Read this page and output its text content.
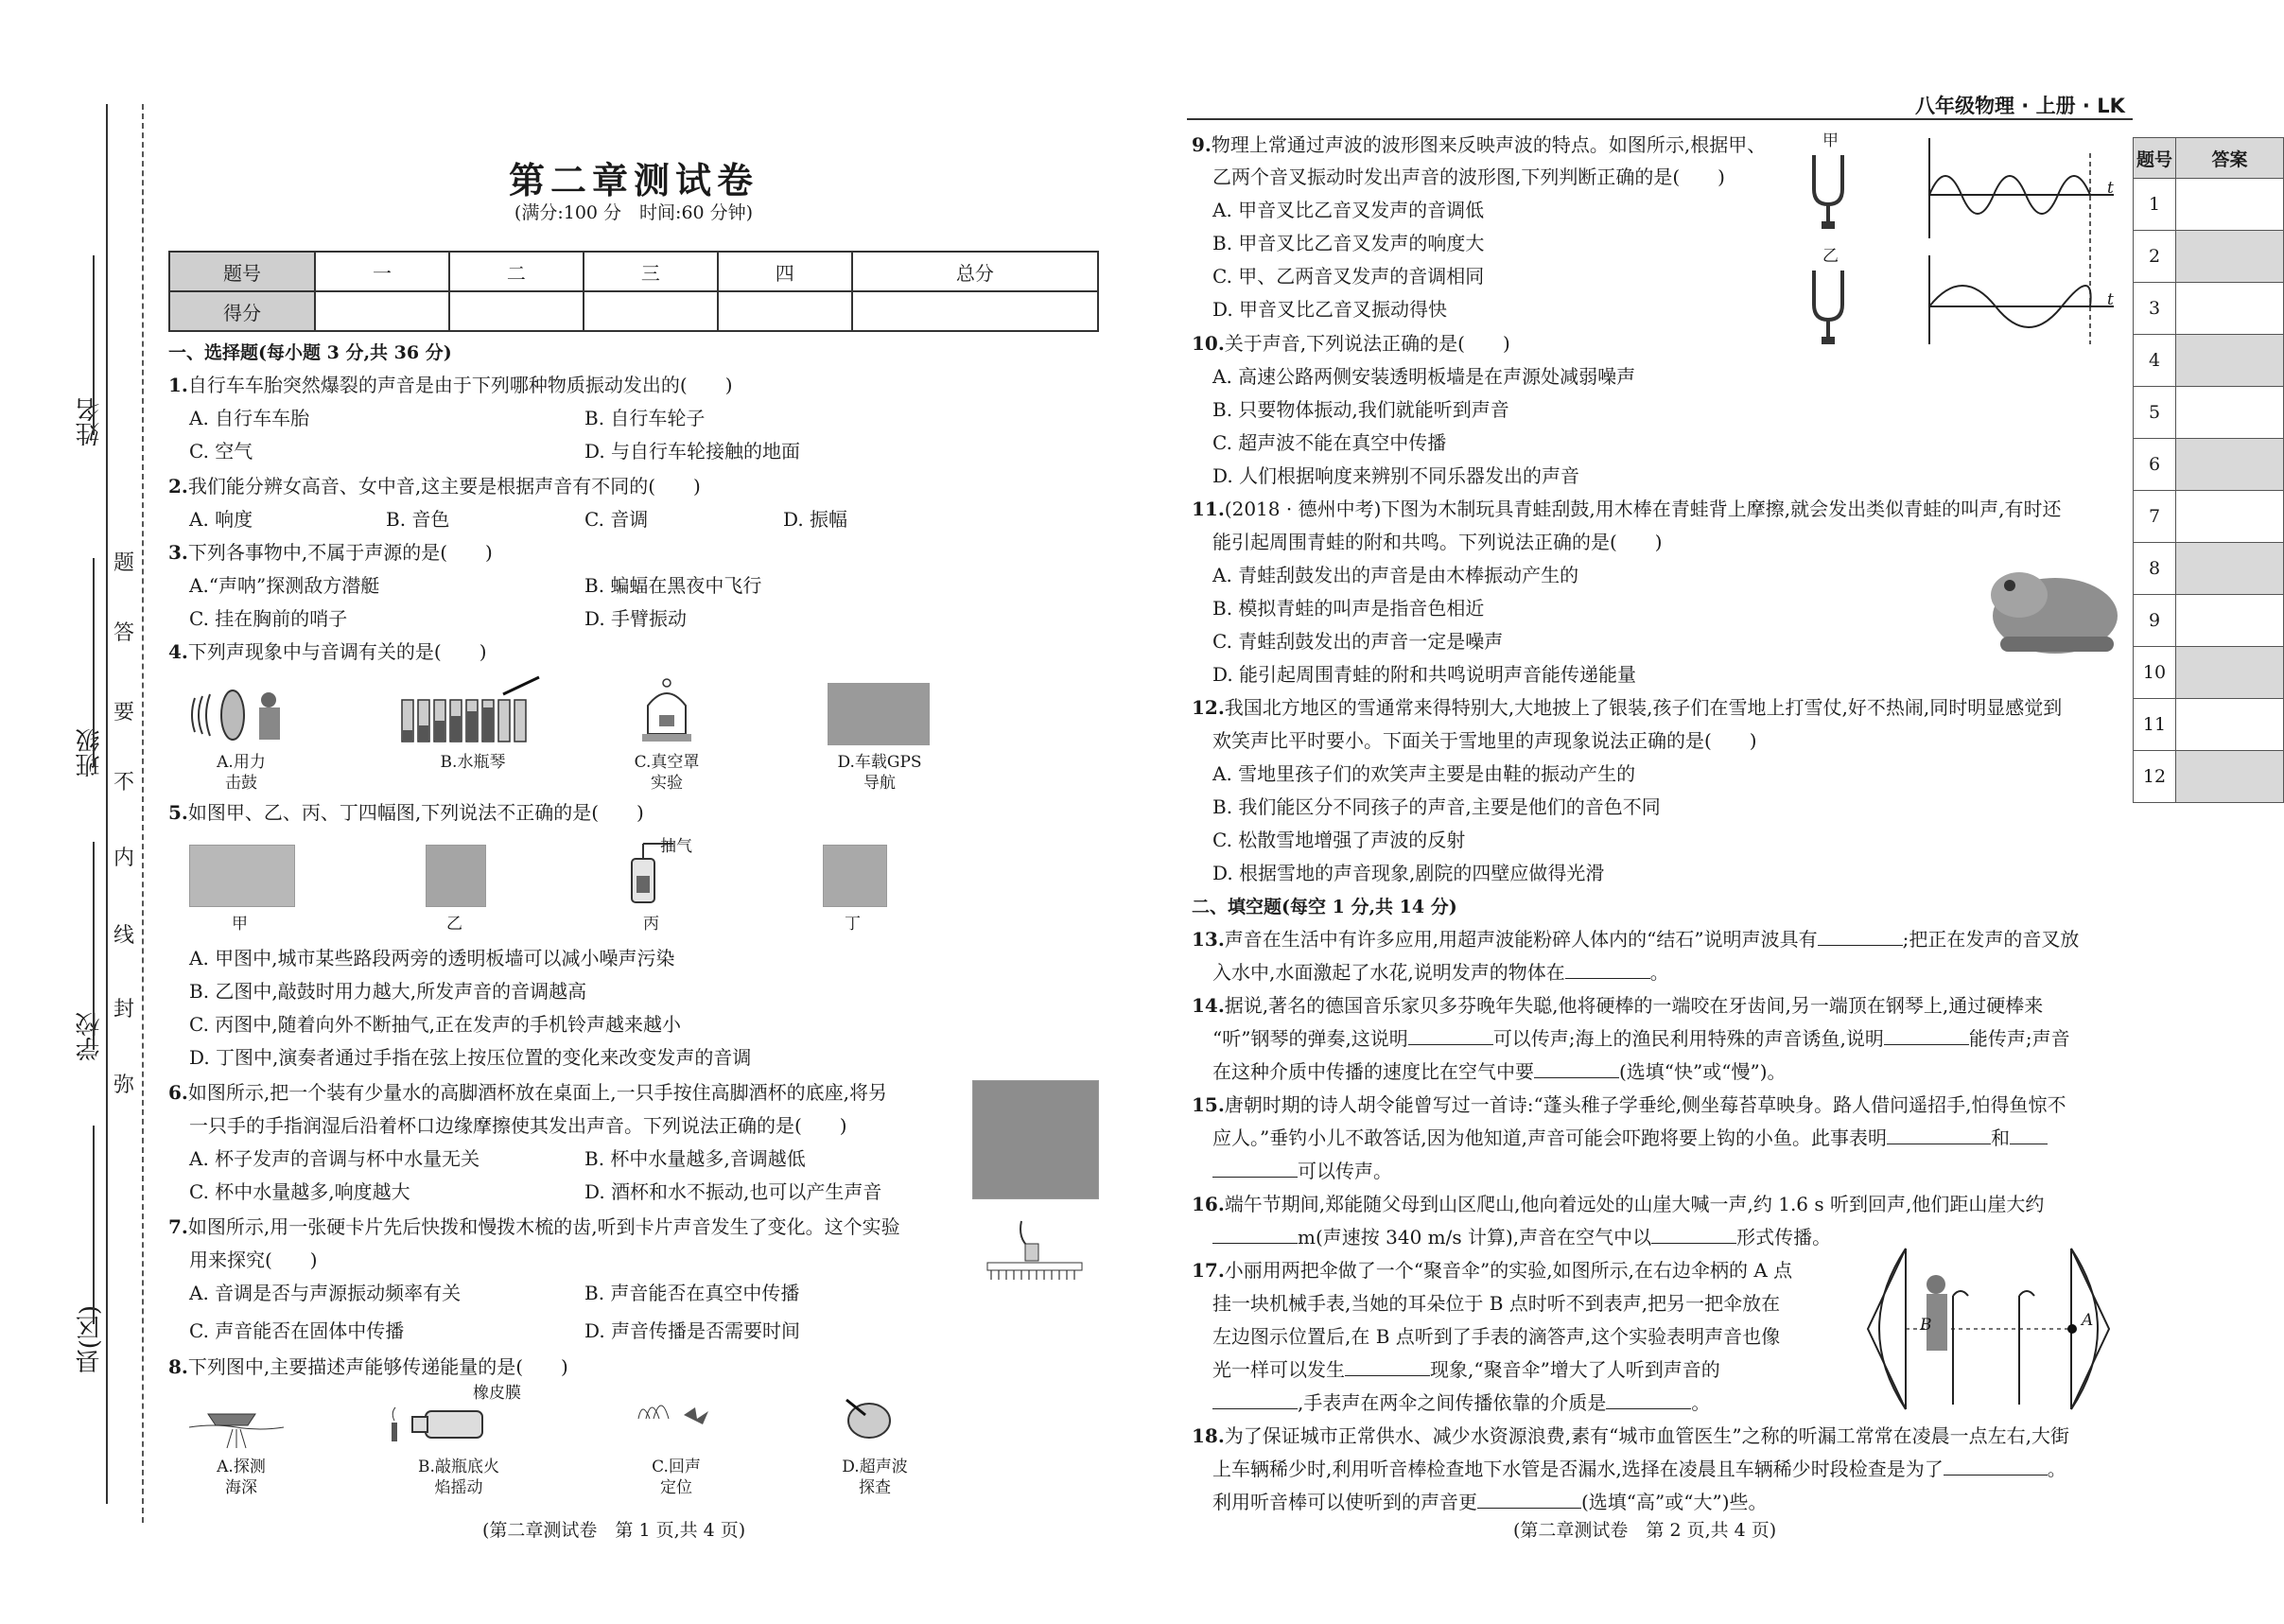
姓名
班级
学校
县(区)
题
答
要
不
内
线
封
弥
第二章测试卷
(满分:100 分　时间:60 分钟)
题号	一	二	三	四	总分
得分					
一、选择题(每小题 3 分,共 36 分)
1.自行车车胎突然爆裂的声音是由于下列哪种物质振动发出的(　　)
A. 自行车车胎	B. 自行车轮子
C. 空气	D. 与自行车轮接触的地面
2.我们能分辨女高音、女中音,这主要是根据声音有不同的(　　)
A. 响度	B. 音色	C. 音调	D. 振幅
3.下列各事物中,不属于声源的是(　　)
A.“声呐”探测敌方潜艇	B. 蝙蝠在黑夜中飞行
C. 挂在胸前的哨子	D. 手臂振动
4.下列声现象中与音调有关的是(　　)
A.用力
击鼓
B.水瓶琴	C.真空罩
实验
D.车载GPS
导航
5.如图甲、乙、丙、丁四幅图,下列说法不正确的是(　　)
抽气
甲	乙	丙	丁
A. 甲图中,城市某些路段两旁的透明板墙可以减小噪声污染
B. 乙图中,敲鼓时用力越大,所发声音的音调越高
C. 丙图中,随着向外不断抽气,正在发声的手机铃声越来越小
D. 丁图中,演奏者通过手指在弦上按压位置的变化来改变发声的音调
6.如图所示,把一个装有少量水的高脚酒杯放在桌面上,一只手按住高脚酒杯的底座,将另
一只手的手指润湿后沿着杯口边缘摩擦使其发出声音。下列说法正确的是(　　)
A. 杯子发声的音调与杯中水量无关	B. 杯中水量越多,音调越低
C. 杯中水量越多,响度越大	D. 酒杯和水不振动,也可以产生声音
7.如图所示,用一张硬卡片先后快拨和慢拨木梳的齿,听到卡片声音发生了变化。这个实验
用来探究(　　)
A. 音调是否与声源振动频率有关	B. 声音能否在真空中传播
C. 声音能否在固体中传播	D. 声音传播是否需要时间
8.下列图中,主要描述声能够传递能量的是(　　)
橡皮膜
A.探测
海深
B.敲瓶底火
焰摇动
C.回声
定位
D.超声波
探查
(第二章测试卷　第 1 页,共 4 页)
八年级物理 · 上册 · LK
9.物理上常通过声波的波形图来反映声波的特点。如图所示,根据甲、
乙两个音叉振动时发出声音的波形图,下列判断正确的是(　　)
A. 甲音叉比乙音叉发声的音调低
B. 甲音叉比乙音叉发声的响度大
C. 甲、乙两音叉发声的音调相同
D. 甲音叉比乙音叉振动得快
甲
乙
t
t
10.关于声音,下列说法正确的是(　　)
A. 高速公路两侧安装透明板墙是在声源处减弱噪声
B. 只要物体振动,我们就能听到声音
C. 超声波不能在真空中传播
D. 人们根据响度来辨别不同乐器发出的声音
11.(2018 · 德州中考)下图为木制玩具青蛙刮鼓,用木棒在青蛙背上摩擦,就会发出类似青蛙的叫声,有时还
能引起周围青蛙的附和共鸣。下列说法正确的是(　　)
A. 青蛙刮鼓发出的声音是由木棒振动产生的
B. 模拟青蛙的叫声是指音色相近
C. 青蛙刮鼓发出的声音一定是噪声
D. 能引起周围青蛙的附和共鸣说明声音能传递能量
12.我国北方地区的雪通常来得特别大,大地披上了银装,孩子们在雪地上打雪仗,好不热闹,同时明显感觉到
欢笑声比平时要小。下面关于雪地里的声现象说法正确的是(　　)
A. 雪地里孩子们的欢笑声主要是由鞋的振动产生的
B. 我们能区分不同孩子的声音,主要是他们的音色不同
C. 松散雪地增强了声波的反射
D. 根据雪地的声音现象,剧院的四壁应做得光滑
二、填空题(每空 1 分,共 14 分)
13.声音在生活中有许多应用,用超声波能粉碎人体内的“结石”说明声波具有	;把正在发声的音叉放
入水中,水面激起了水花,说明发声的物体在	。
14.据说,著名的德国音乐家贝多芬晚年失聪,他将硬棒的一端咬在牙齿间,另一端顶在钢琴上,通过硬棒来
“听”钢琴的弹奏,这说明	可以传声;海上的渔民利用特殊的声音诱鱼,说明	能传声;声音
在这种介质中传播的速度比在空气中要	(选填“快”或“慢”)。
15.唐朝时期的诗人胡令能曾写过一首诗:“蓬头稚子学垂纶,侧坐莓苔草映身。路人借问遥招手,怕得鱼惊不
应人。”垂钓小儿不敢答话,因为他知道,声音可能会吓跑将要上钩的小鱼。此事表明	和
可以传声。
16.端午节期间,郑能随父母到山区爬山,他向着远处的山崖大喊一声,约 1.6 s 听到回声,他们距山崖大约
m(声速按 340 m/s 计算),声音在空气中以	形式传播。
17.小丽用两把伞做了一个“聚音伞”的实验,如图所示,在右边伞柄的 A 点
挂一块机械手表,当她的耳朵位于 B 点时听不到表声,把另一把伞放在
左边图示位置后,在 B 点听到了手表的滴答声,这个实验表明声音也像
光一样可以发生	现象,“聚音伞”增大了人听到声音的
,手表声在两伞之间传播依靠的介质是	。
B	A
18.为了保证城市正常供水、减少水资源浪费,素有“城市血管医生”之称的听漏工常常在凌晨一点左右,大街
上车辆稀少时,利用听音棒检查地下水管是否漏水,选择在凌晨且车辆稀少时段检查是为了	。
利用听音棒可以使听到的声音更	(选填“高”或“大”)些。
(第二章测试卷　第 2 页,共 4 页)
题号	答案
1	
2	
3	
4	
5	
6	
7	
8	
9	
10	
11	
12	
